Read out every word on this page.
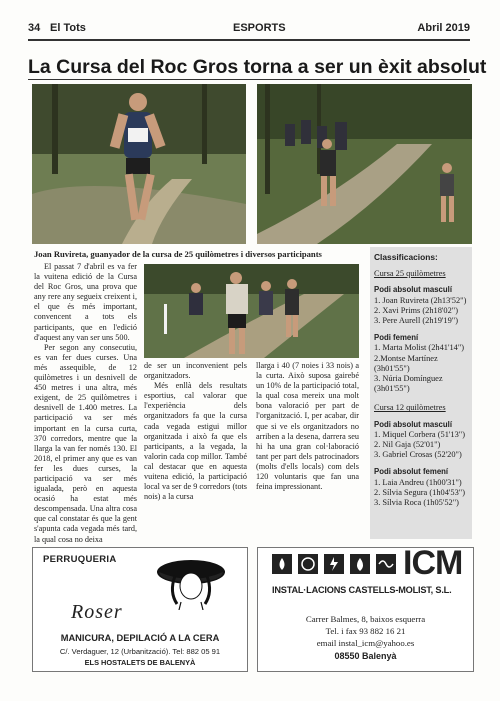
34 El Tots	ESPORTS	Abril 2019
La Cursa del Roc Gros torna a ser un èxit absolut
Joan Ruvireta, guanyador de la cursa de 25 quilòmetres i diversos participants

El passat 7 d'abril es va fer la vuitena edició de la Cursa del Roc Gros, una prova que any rere any segueix creixent i, el que és més important, convencent a tots els participants, que en l'edició d'aquest any van ser uns 500.

Per segon any consecutiu, es van fer dues curses. Una més assequible, de 12 quilòmetres i un desnivell de 450 metres i una altra, més exigent, de 25 quilòmetres i desnivell de 1.400 metres. La participació va ser més important en la cursa curta, 370 corredors, mentre que la llarga la van fer només 130. El 2018, el primer any que es van fer les dues curses, la participació va ser més igualada, però en aquesta ocasió ha estat més descompensada. Una altra cosa que cal constatar és que la gent s'apunta cada vegada més tard, la qual cosa no deixa

de ser un inconvenient pels organitzadors.

Més enllà dels resultats esportius, cal valorar que l'experiència dels organitzadors fa que la cursa cada vegada estigui millor organitzada i això fa que els participants, a la vegada, la valorin cada cop millor. També cal destacar que en aquesta vuitena edició, la participació local va ser de 9 corredors (tots nois) a la cursa

llarga i 40 (7 noies i 33 nois) a la curta. Això suposa gairebé un 10% de la participació total, la qual cosa mereix una molt bona valoració per part de l'organització. I, per acabar, dir que si ve els organitzadors no arriben a la desena, darrera seu hi ha una gran col·laboració tant per part dels patrocinadors (molts d'ells locals) com dels 120 voluntaris que fan una feina impressionant.

Classificacions:
Cursa 25 quilòmetres
Podi absolut masculí
1. Joan Ruvireta (2h13'52")
2. Xavi Prims (2h18'02")
3. Pere Aurell (2h19'19")
Podi femení
1. Marta Molist (2h41'14")
2.Montse Martínez
(3h01'55")
3. Núria Domínguez
(3h01'55")
Cursa 12 quilòmetres
Podi absolut masculí
1. Miquel Corbera (51'13")
2. Nil Gaja (52'01")
3. Gabriel Crosas (52'20")
Podi absolut femení
1. Laia Andreu (1h00'31")
2. Sílvia Segura (1h04'53")
3. Sílvia Roca (1h05'52")
PERRUQUERIA
Roser
MANICURA, DEPILACIÓ A LA CERA
C/. Verdaguer, 12 (Urbanització). Tel: 882 05 91
ELS HOSTALETS DE BALENYÀ
ICM
INSTAL·LACIONS CASTELLS-MOLIST, S.L.
Carrer Balmes, 8, baixos esquerra
Tel. i fax 93 882 16 21
email instal_icm@yahoo.es
08550 Balenyà
